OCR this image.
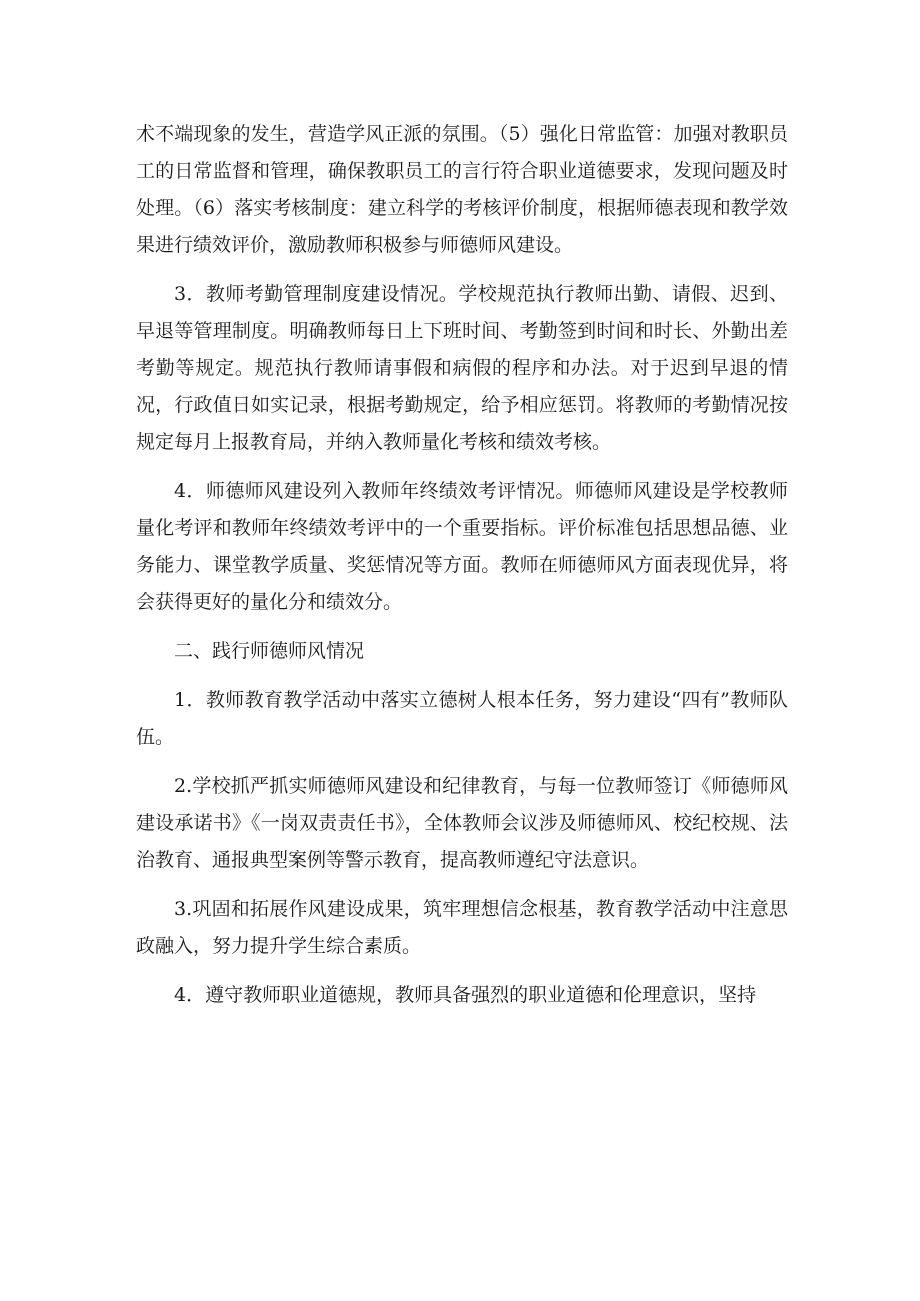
术不端现象的发生，营造学风正派的氛围。（5）强化日常监管：加强对教职员工的日常监督和管理，确保教职员工的言行符合职业道德要求，发现问题及时处理。（6）落实考核制度：建立科学的考核评价制度，根据师德表现和教学效果进行绩效评价，激励教师积极参与师德师风建设。

3．教师考勤管理制度建设情况。学校规范执行教师出勤、请假、迟到、早退等管理制度。明确教师每日上下班时间、考勤签到时间和时长、外勤出差考勤等规定。规范执行教师请事假和病假的程序和办法。对于迟到早退的情况，行政值日如实记录，根据考勤规定，给予相应惩罚。将教师的考勤情况按规定每月上报教育局，并纳入教师量化考核和绩效考核。

4．师德师风建设列入教师年终绩效考评情况。师德师风建设是学校教师量化考评和教师年终绩效考评中的一个重要指标。评价标准包括思想品德、业务能力、课堂教学质量、奖惩情况等方面。教师在师德师风方面表现优异，将会获得更好的量化分和绩效分。

二、践行师德师风情况

1．教师教育教学活动中落实立德树人根本任务，努力建设“四有”教师队伍。

2.学校抓严抓实师德师风建设和纪律教育，与每一位教师签订《师德师风建设承诺书》《一岗双责责任书》，全体教师会议涉及师德师风、校纪校规、法治教育、通报典型案例等警示教育，提高教师遵纪守法意识。

3.巩固和拓展作风建设成果，筑牢理想信念根基，教育教学活动中注意思政融入，努力提升学生综合素质。

4．遵守教师职业道德规，教师具备强烈的职业道德和伦理意识，坚持
